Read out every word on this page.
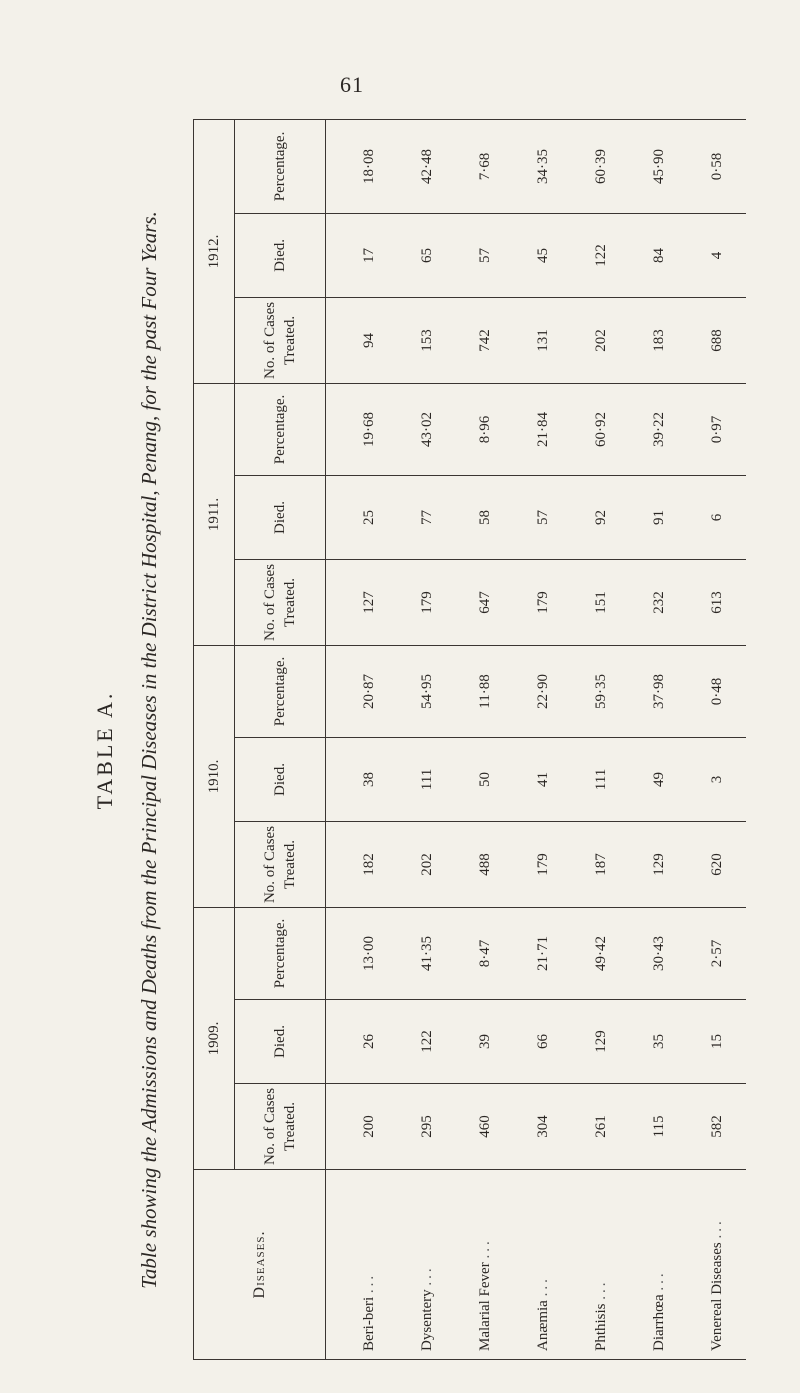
61
TABLE A. Table showing the Admissions and Deaths from the Principal Diseases in the District Hospital, Penang, for the past Four Years.	Diseases.	1909.			1910.			1911.			1912.		
	No. of Cases Treated.	Died.	Percentage.	No. of Cases Treated.	Died.	Percentage.	No. of Cases Treated.	Died.	Percentage.	No. of Cases Treated.	Died.	Percentage.
Beri-beri ...	200	26	13·00	182	38	20·87	127	25	19·68	94	17	18·08
Dysentery ...	295	122	41·35	202	111	54·95	179	77	43·02	153	65	42·48
Malarial Fever ...	460	39	8·47	488	50	11·88	647	58	8·96	742	57	7·68
Anæmia ...	304	66	21·71	179	41	22·90	179	57	21·84	131	45	34·35
Phthisis ...	261	129	49·42	187	111	59·35	151	92	60·92	202	122	60·39
Diarrhœa ...	115	35	30·43	129	49	37·98	232	91	39·22	183	84	45·90
Venereal Diseases ...	582	15	2·57	620	3	0·48	613	6	0·97	688	4	0·58
